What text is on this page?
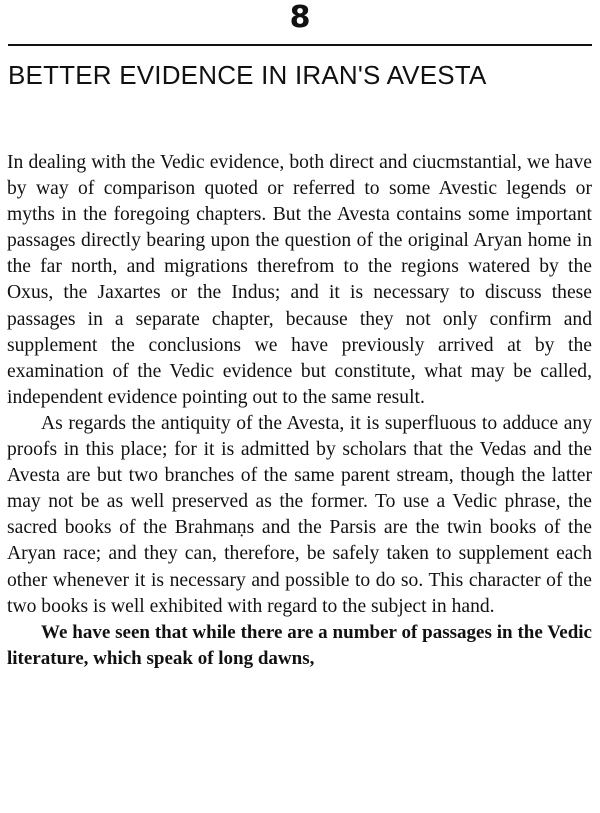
8
BETTER EVIDENCE IN IRAN'S AVESTA

In dealing with the Vedic evidence, both direct and ciucmstantial, we have by way of comparison quoted or referred to some Avestic legends or myths in the foregoing chapters. But the Avesta contains some important passages directly bearing upon the question of the original Aryan home in the far north, and migrations therefrom to the regions watered by the Oxus, the Jaxartes or the Indus; and it is necessary to discuss these passages in a separate chapter, because they not only confirm and supplement the conclusions we have previously arrived at by the examination of the Vedic evidence but constitute, what may be called, independent evidence pointing out to the same result.

As regards the antiquity of the Avesta, it is superfluous to adduce any proofs in this place; for it is admitted by scholars that the Vedas and the Avesta are but two branches of the same parent stream, though the latter may not be as well preserved as the former. To use a Vedic phrase, the sacred books of the Brahmaṇs and the Parsis are the twin books of the Aryan race; and they can, therefore, be safely taken to supplement each other whenever it is necessary and possible to do so. This character of the two books is well exhibited with regard to the subject in hand.

We have seen that while there are a number of passages in the Vedic literature, which speak of long dawns,
